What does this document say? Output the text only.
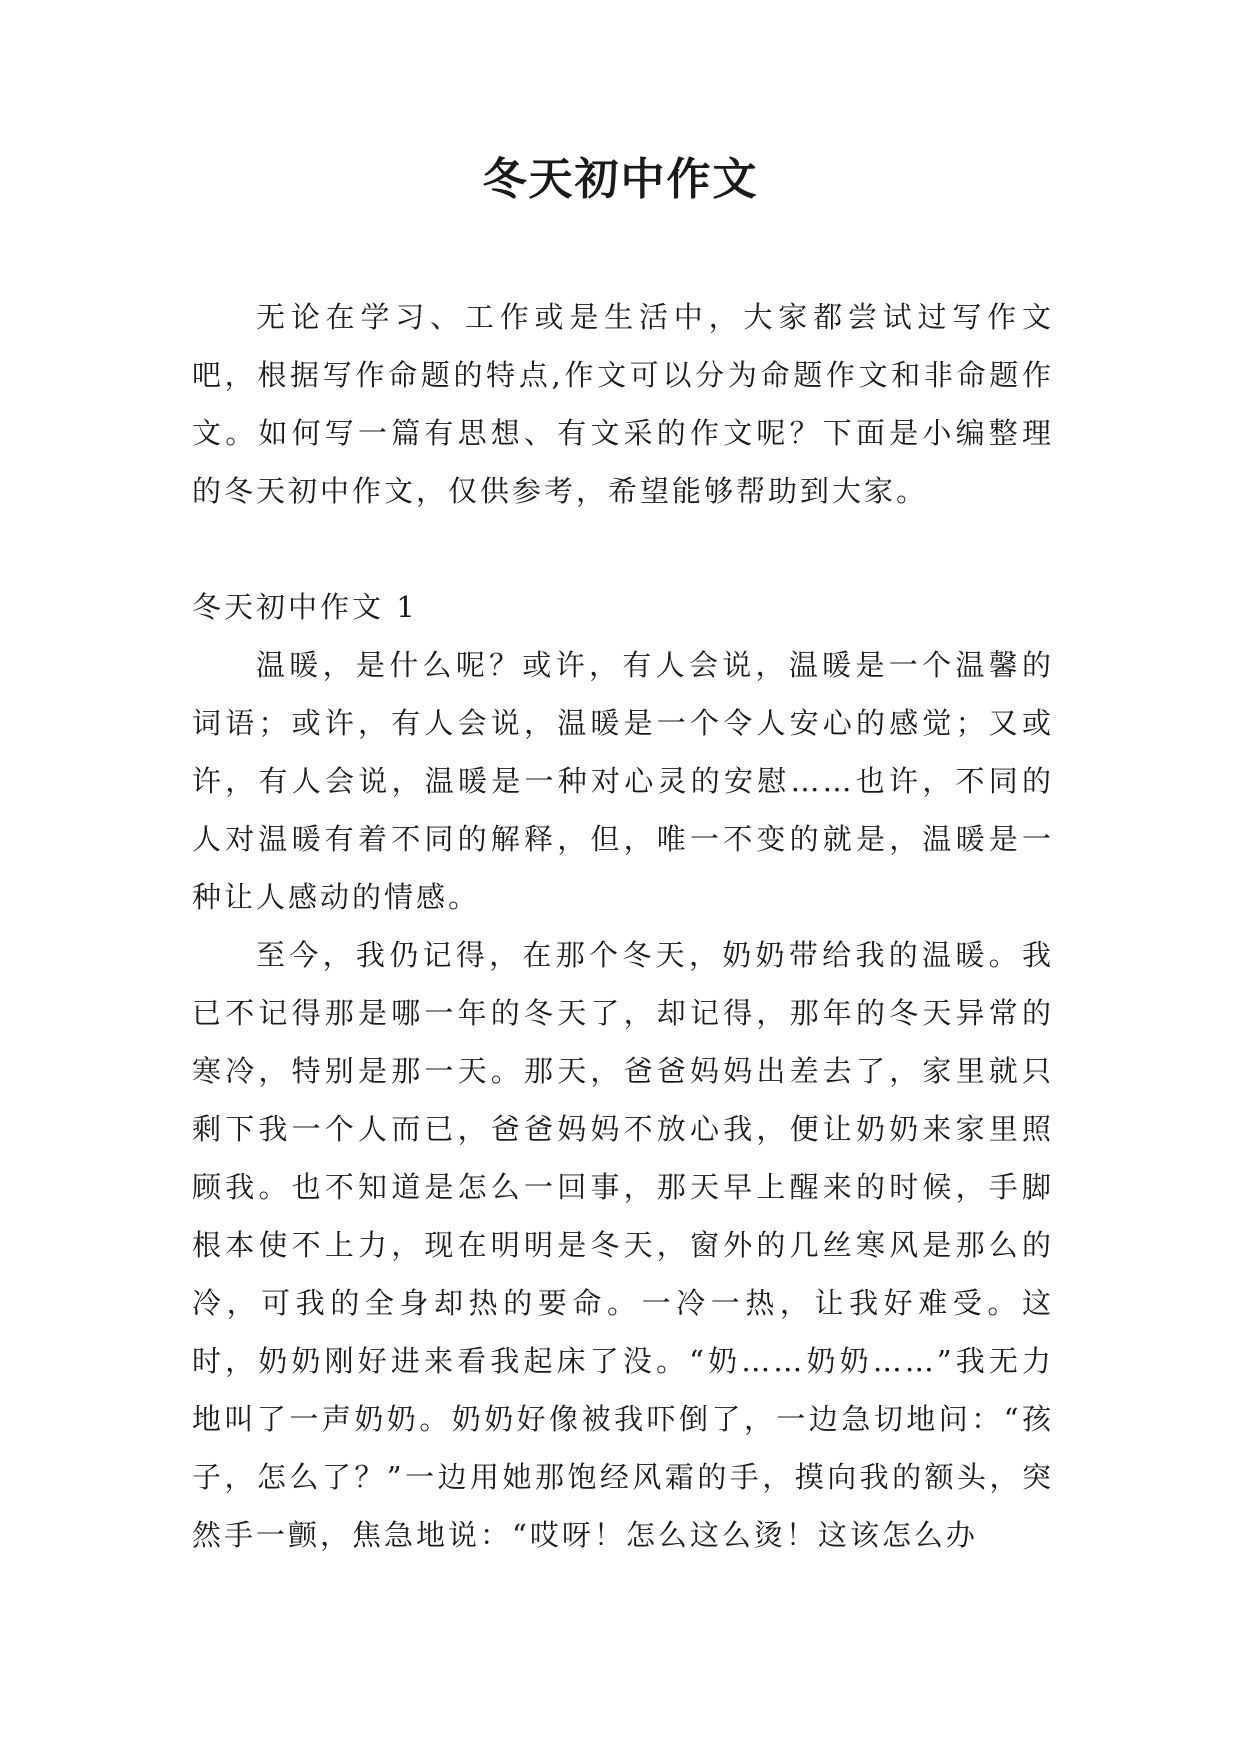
冬天初中作文

无论在学习、工作或是生活中，大家都尝试过写作文吧，根据写作命题的特点,作文可以分为命题作文和非命题作文。如何写一篇有思想、有文采的作文呢？下面是小编整理的冬天初中作文，仅供参考，希望能够帮助到大家。

冬天初中作文 1

温暖，是什么呢？或许，有人会说，温暖是一个温馨的词语；或许，有人会说，温暖是一个令人安心的感觉；又或许，有人会说，温暖是一种对心灵的安慰……也许，不同的人对温暖有着不同的解释，但，唯一不变的就是，温暖是一种让人感动的情感。

至今，我仍记得，在那个冬天，奶奶带给我的温暖。我已不记得那是哪一年的冬天了，却记得，那年的冬天异常的寒冷，特别是那一天。那天，爸爸妈妈出差去了，家里就只剩下我一个人而已，爸爸妈妈不放心我，便让奶奶来家里照顾我。也不知道是怎么一回事，那天早上醒来的时候，手脚根本使不上力，现在明明是冬天，窗外的几丝寒风是那么的冷，可我的全身却热的要命。一冷一热，让我好难受。这时，奶奶刚好进来看我起床了没。“奶……奶奶……”我无力地叫了一声奶奶。奶奶好像被我吓倒了，一边急切地问：“孩子，怎么了？”一边用她那饱经风霜的手，摸向我的额头，突然手一颤，焦急地说：“哎呀！怎么这么烫！这该怎么办
